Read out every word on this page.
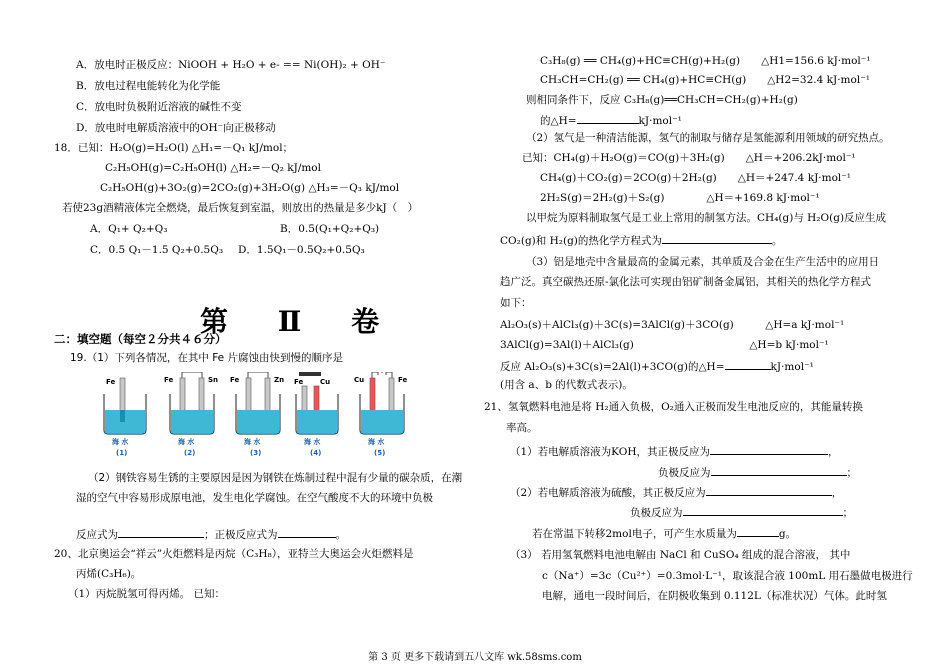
A．放电时正极反应：NiOOH + H₂O + e- == Ni(OH)₂ + OH⁻
B．放电过程电能转化为化学能
C．放电时负极附近溶液的碱性不变
D．放电时电解质溶液中的OH⁻向正极移动
18．已知：H₂O(g)=H₂O(l) △H₁=－Q₁ kJ/mol；
C₂H₅OH(g)=C₂H₅OH(l) △H₂=－Q₂ kJ/mol
C₂H₅OH(g)+3O₂(g)=2CO₂(g)+3H₂O(g) △H₃=－Q₃ kJ/mol
若使23g酒精液体完全燃烧，最后恢复到室温，则放出的热量是多少kJ（　）
A．Q₁+ Q₂+Q₃	B．0.5(Q₁+Q₂+Q₃)
C．0.5 Q₁－1.5 Q₂+0.5Q₃ D．1.5Q₁－0.5Q₂+0.5Q₃
第 Ⅱ 卷
二：填空题（每空２分共４６分）
19.（1）下列各情况，在其中 Fe 片腐蚀由快到慢的顺序是
Fe
海 水
(1)
Fe	Sn
海 水
(2)
Fe	Zn
海 水
(3)
Fe Cu
海 水
(4)
Cu	Fe
海 水
(5)
（2）钢铁容易生锈的主要原因是因为钢铁在炼制过程中混有少量的碳杂质，在潮
湿的空气中容易形成原电池，发生电化学腐蚀。在空气酸度不大的环境中负极
反应式为	；正极反应式为	。
20、北京奥运会“祥云”火炬燃料是丙烷（C₃H₈），亚特兰大奥运会火炬燃料是
丙烯(C₃H₆)。
（1）丙烷脱氢可得丙烯。 已知：
C₃H₈(g) ══ CH₄(g)+HC≡CH(g)+H₂(g)　　△H1=156.6 kJ·mol⁻¹
CH₃CH=CH₂(g) ══ CH₄(g)+HC≡CH(g)　　△H2=32.4 kJ·mol⁻¹
则相同条件下，反应 C₃H₈(g)══CH₃CH=CH₂(g)+H₂(g)
的△H=	kJ·mol⁻¹
（2）氢气是一种清洁能源，氢气的制取与储存是氢能源利用领域的研究热点。
已知：CH₄(g)＋H₂O(g)＝CO(g)＋3H₂(g)　　△H＝+206.2kJ·mol⁻¹
CH₄(g)＋CO₂(g)＝2CO(g)＋2H₂(g)　　△H＝+247.4 kJ·mol⁻¹
2H₂S(g)＝2H₂(g)＋S₂(g)　　　　△H＝+169.8 kJ·mol⁻¹
以甲烷为原料制取氢气是工业上常用的制氢方法。CH₄(g)与 H₂O(g)反应生成
CO₂(g)和 H₂(g)的热化学方程式为	。
（3）铝是地壳中含量最高的金属元素，其单质及合金在生产生活中的应用日
趋广泛。真空碳热还原-氯化法可实现由铝矿制备金属铝，其相关的热化学方程式
如下：
Al₂O₃(s)＋AlCl₃(g)＋3C(s)=3AlCl(g)＋3CO(g)　　　△H=a kJ·mol⁻¹
3AlCl(g)=3Al(l)＋AlCl₃(g)　　　　　　　　　　　△H=b kJ·mol⁻¹
反应 Al₂O₃(s)+3C(s)=2Al(l)+3CO(g)的△H=	kJ·mol⁻¹
(用含 a、b 的代数式表示)。
21、氢氧燃料电池是将 H₂通入负极，O₂通入正极而发生电池反应的，其能量转换
率高。
（1）若电解质溶液为KOH，其正极反应为	，
负极反应为	；
（2）若电解质溶液为硫酸，其正极反应为	，
负极反应为	；
若在常温下转移2mol电子，可产生水质量为	g。
（3） 若用氢氧燃料电池电解由 NaCl 和 CuSO₄ 组成的混合溶液， 其中
c（Na⁺）=3c（Cu²⁺）=0.3mol·L⁻¹，取该混合液 100mL 用石墨做电极进行
电解，通电一段时间后，在阴极收集到 0.112L（标准状况）气体。此时氢
第 3 页 更多下载请到五八文库 wk.58sms.com
